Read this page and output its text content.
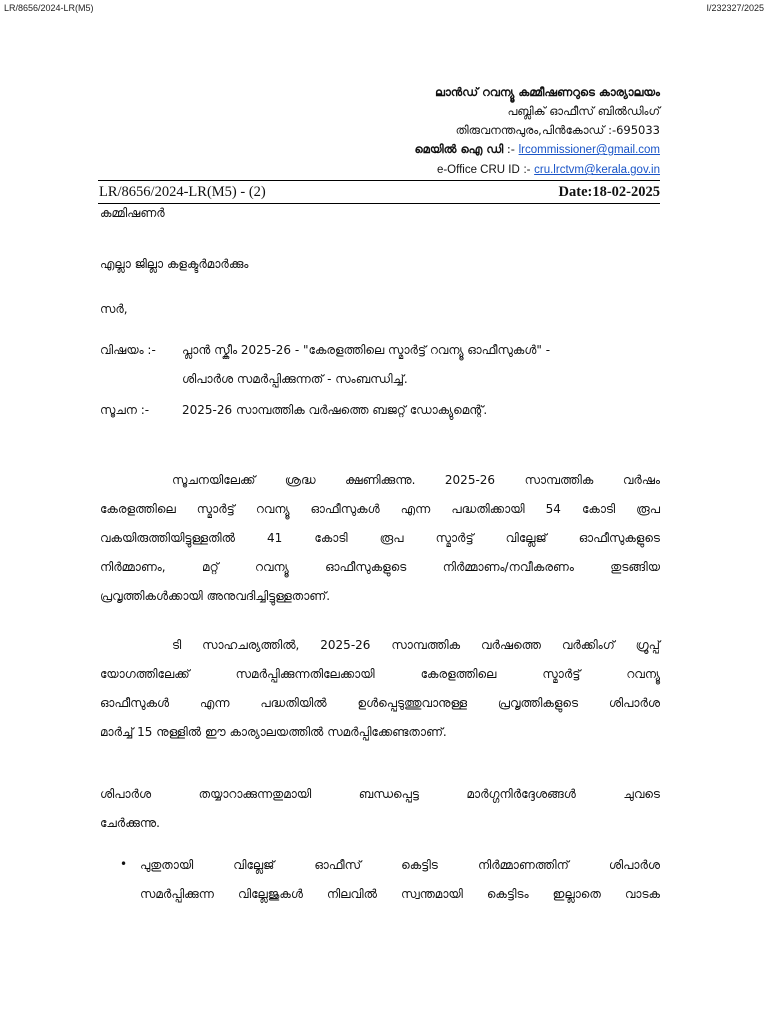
LR/8656/2024-LR(M5)	I/232327/2025
ലാൻഡ് റവന്യൂ കമ്മീഷണറുടെ കാര്യാലയം
പബ്ലിക് ഓഫീസ് ബിൽഡിംഗ്
തിരുവനന്തപുരം,പിൻകോഡ് :-695033
മെയിൽ ഐ ഡി :- lrcommissioner@gmail.com
e-Office CRU ID :- cru.lrctvm@kerala.gov.in
LR/8656/2024-LR(M5) - (2)	Date:18-02-2025
കമ്മിഷണർ
എല്ലാ ജില്ലാ കളക്ടർമാർക്കും
സർ,
വിഷയം :- പ്ലാൻ സ്കീം 2025-26 - "കേരളത്തിലെ സ്മാർട്ട് റവന്യൂ ഓഫീസുകൾ" -
ശിപാർശ സമർപ്പിക്കുന്നത് - സംബന്ധിച്ച്.
സൂചന :-	2025-26 സാമ്പത്തിക വർഷത്തെ ബജറ്റ് ഡോക്യുമെന്റ്.
സൂചനയിലേക്ക് ശ്രദ്ധ ക്ഷണിക്കുന്നു. 2025-26 സാമ്പത്തിക വർഷം
കേരളത്തിലെ സ്മാർട്ട് റവന്യൂ ഓഫീസുകൾ എന്ന പദ്ധതിക്കായി 54 കോടി രൂപ
വകയിരുത്തിയിട്ടുള്ളതിൽ 41 കോടി രൂപ സ്മാർട്ട് വില്ലേജ് ഓഫീസുകളുടെ
നിർമ്മാണം, മറ്റ് റവന്യൂ ഓഫീസുകളുടെ നിർമ്മാണം/നവീകരണം തുടങ്ങിയ
പ്രവൃത്തികൾക്കായി അനുവദിച്ചിട്ടുള്ളതാണ്.
ടി സാഹചര്യത്തിൽ, 2025-26 സാമ്പത്തിക വർഷത്തെ വർക്കിംഗ് ഗ്രൂപ്പ്
യോഗത്തിലേക്ക് സമർപ്പിക്കുന്നതിലേക്കായി കേരളത്തിലെ സ്മാർട്ട് റവന്യൂ
ഓഫീസുകൾ എന്ന പദ്ധതിയിൽ ഉൾപ്പെടുത്തുവാനുള്ള പ്രവൃത്തികളുടെ ശിപാർശ
മാർച്ച് 15 നുള്ളിൽ ഈ കാര്യാലയത്തിൽ സമർപ്പിക്കേണ്ടതാണ്.
ശിപാർശ തയ്യാറാക്കുന്നതുമായി ബന്ധപ്പെട്ട മാർഗ്ഗനിർദ്ദേശങ്ങൾ ചുവടെ
ചേർക്കുന്നു.
• പുതുതായി വില്ലേജ് ഓഫീസ് കെട്ടിട നിർമ്മാണത്തിന് ശിപാർശ
സമർപ്പിക്കുന്ന വില്ലേജുകൾ നിലവിൽ സ്വന്തമായി കെട്ടിടം ഇല്ലാതെ വാടക
